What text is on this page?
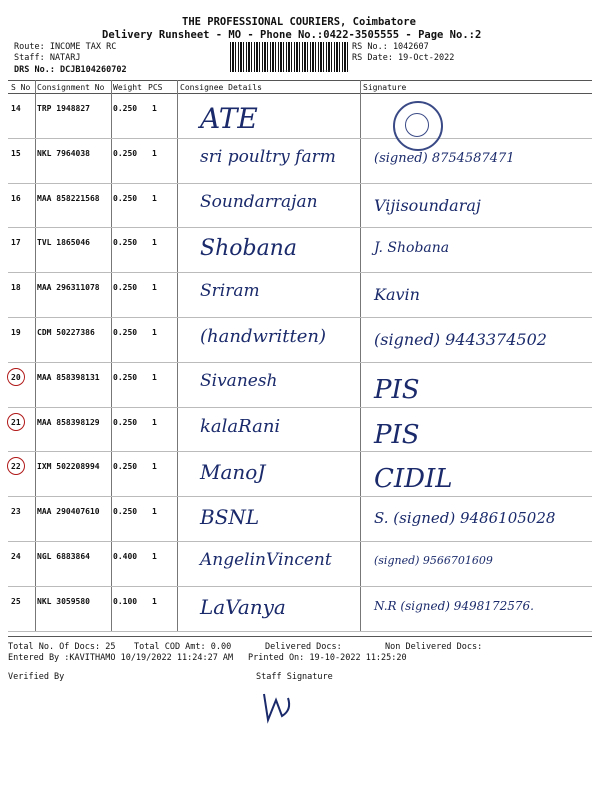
THE PROFESSIONAL COURIERS, Coimbatore
Delivery Runsheet - MO - Phone No.:0422-3505555 - Page No.:2
Route: INCOME TAX RC
Staff: NATARJ
DRS No.: DCJB104260702
RS No.: 1042607
RS Date: 19-Oct-2022
S No Consignment No Weight PCS Consignee Details	Signature
14 TRP 1948827	0.250 1 ATE
15 NKL 7964038	0.250 1	sri poultry farm	(signed) 8754587471
16 MAA 858221568 0.250 1	Soundarrajan	Vijisoundaraj
17 TVL 1865046	0.250 1 Shobana	J. Shobana
18 MAA 296311078 0.250 1	Sriram	Kavin
19 CDM 50227386 0.250 1 (handwritten)	(signed) 9443374502
20 MAA 858398131 0.250 1	Sivanesh	PIS
21 MAA 858398129 0.250 1 kalaRani	PIS
22 IXM 502208994 0.250 1 ManoJ	CIDIL
23 MAA 290407610 0.250 1 BSNL	S. (signed) 9486105028
24 NGL 6883864	0.400 1	AngelinVincent	(signed) 9566701609
25 NKL 3059580	0.100 1 LaVanya	N.R (signed) 9498172576.
Total No. Of Docs: 25 Total COD Amt: 0.00	Delivered Docs:	Non Delivered Docs:
Entered By :KAVITHAMO 10/19/2022 11:24:27 AM Printed On: 19-10-2022 11:25:20
Verified By	Staff Signature
